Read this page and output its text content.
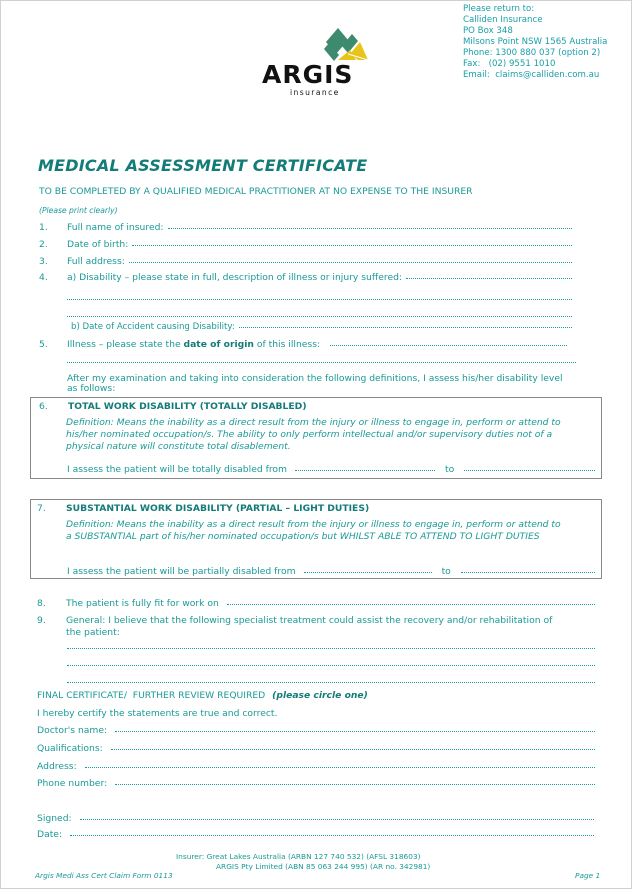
ARGIS
insurance
Please return to:
Calliden Insurance
PO Box 348
Milsons Point NSW 1565 Australia
Phone: 1300 880 037 (option 2)
Fax:   (02) 9551 1010
Email:  claims@calliden.com.au
MEDICAL ASSESSMENT CERTIFICATE
TO BE COMPLETED BY A QUALIFIED MEDICAL PRACTITIONER AT NO EXPENSE TO THE INSURER
(Please print clearly)
1. Full name of insured:
2. Date of birth:
3. Full address:
4. a) Disability – please state in full, description of illness or injury suffered:
b) Date of Accident causing Disability:
5. Illness – please state the date of origin of this illness:
After my examination and taking into consideration the following definitions, I assess his/her disability level
as follows:
6. TOTAL WORK DISABILITY (TOTALLY DISABLED)
Definition: Means the inability as a direct result from the injury or illness to engage in, perform or attend to
his/her nominated occupation/s. The ability to only perform intellectual and/or supervisory duties not of a
physical nature will constitute total disablement.
I assess the patient will be totally disabled from	to
7. SUBSTANTIAL WORK DISABILITY (PARTIAL – LIGHT DUTIES)
Definition: Means the inability as a direct result from the injury or illness to engage in, perform or attend to
a SUBSTANTIAL part of his/her nominated occupation/s but WHILST ABLE TO ATTEND TO LIGHT DUTIES
I assess the patient will be partially disabled from	to
8. The patient is fully fit for work on
9. General: I believe that the following specialist treatment could assist the recovery and/or rehabilitation of
the patient:
FINAL CERTIFICATE/  FURTHER REVIEW REQUIRED (please circle one)
I hereby certify the statements are true and correct.
Doctor's name:
Qualifications:
Address:
Phone number:
Signed:
Date:
Insurer: Great Lakes Australia (ARBN 127 740 532) (AFSL 318603)
ARGIS Pty Limited (ABN 85 063 244 995) (AR no. 342981)
Argis Medi Ass Cert Claim Form 0113	Page 1
